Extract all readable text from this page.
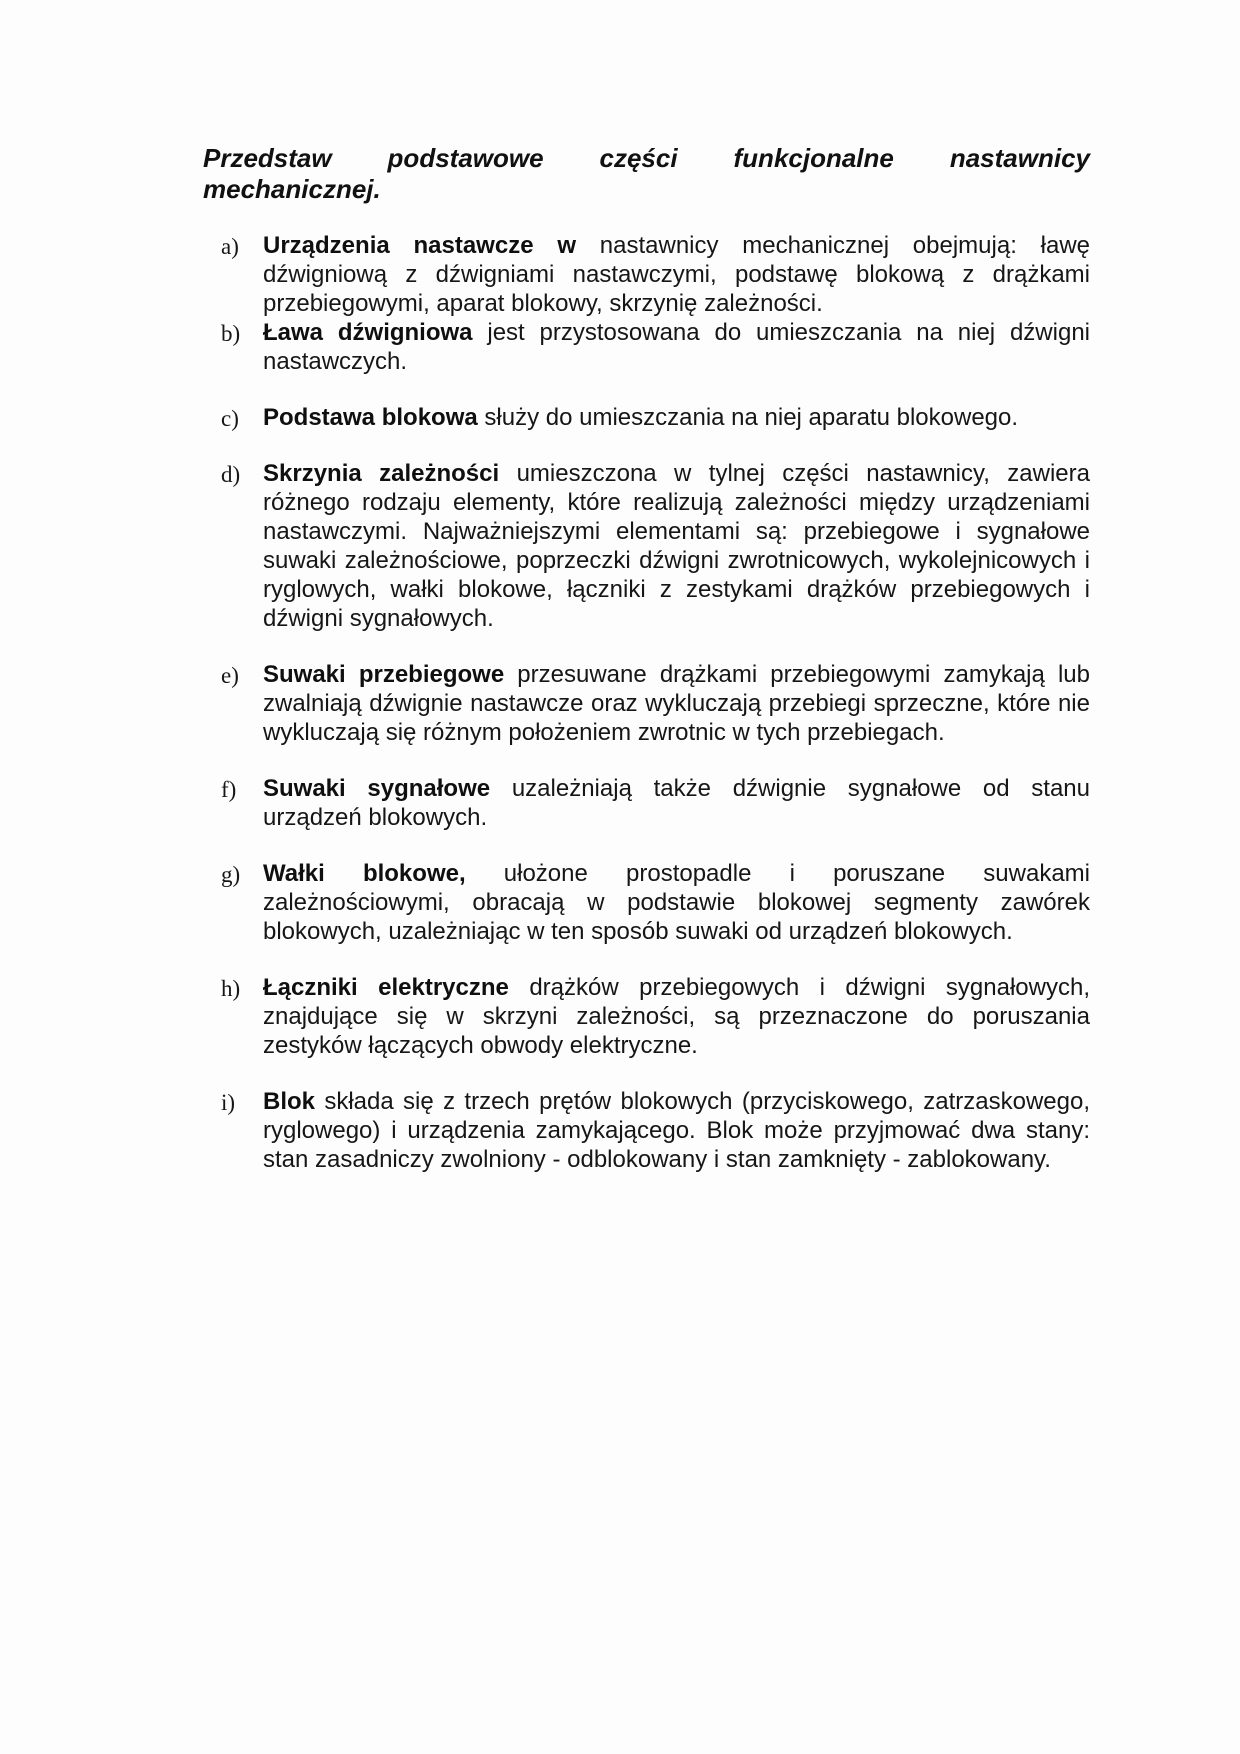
Przedstaw podstawowe części funkcjonalne nastawnicy
mechanicznej.
a)	Urządzenia nastawcze w nastawnicy mechanicznej obejmują: ławę dźwigniową z dźwigniami nastawczymi, podstawę blokową z drążkami przebiegowymi, aparat blokowy, skrzynię zależności.
b) Ława dźwigniowa jest przystosowana do umieszczania na niej dźwigni nastawczych.
c)	Podstawa blokowa służy do umieszczania na niej aparatu blokowego.
d) Skrzynia zależności umieszczona w tylnej części nastawnicy, zawiera różnego rodzaju elementy, które realizują zależności między urządzeniami nastawczymi. Najważniejszymi elementami są: przebiegowe i sygnałowe suwaki zależnościowe, poprzeczki dźwigni zwrotnicowych, wykolejnicowych i ryglowych, wałki blokowe, łączniki z zestykami drążków przebiegowych i dźwigni sygnałowych.
e)	Suwaki przebiegowe przesuwane drążkami przebiegowymi zamykają lub zwalniają dźwignie nastawcze oraz wykluczają przebiegi sprzeczne, które nie wykluczają się różnym położeniem zwrotnic w tych przebiegach.
f)	Suwaki sygnałowe uzależniają także dźwignie sygnałowe od stanu urządzeń blokowych.
g) Wałki blokowe, ułożone prostopadle i poruszane suwakami zależnościowymi, obracają w podstawie blokowej segmenty zawórek blokowych, uzależniając w ten sposób suwaki od urządzeń blokowych.
h) Łączniki elektryczne drążków przebiegowych i dźwigni sygnałowych, znajdujące się w skrzyni zależności, są przeznaczone do poruszania zestyków łączących obwody elektryczne.
i)	Blok składa się z trzech prętów blokowych (przyciskowego, zatrzaskowego, ryglowego) i urządzenia zamykającego. Blok może przyjmować dwa stany: stan zasadniczy zwolniony - odblokowany i stan zamknięty - zablokowany.
